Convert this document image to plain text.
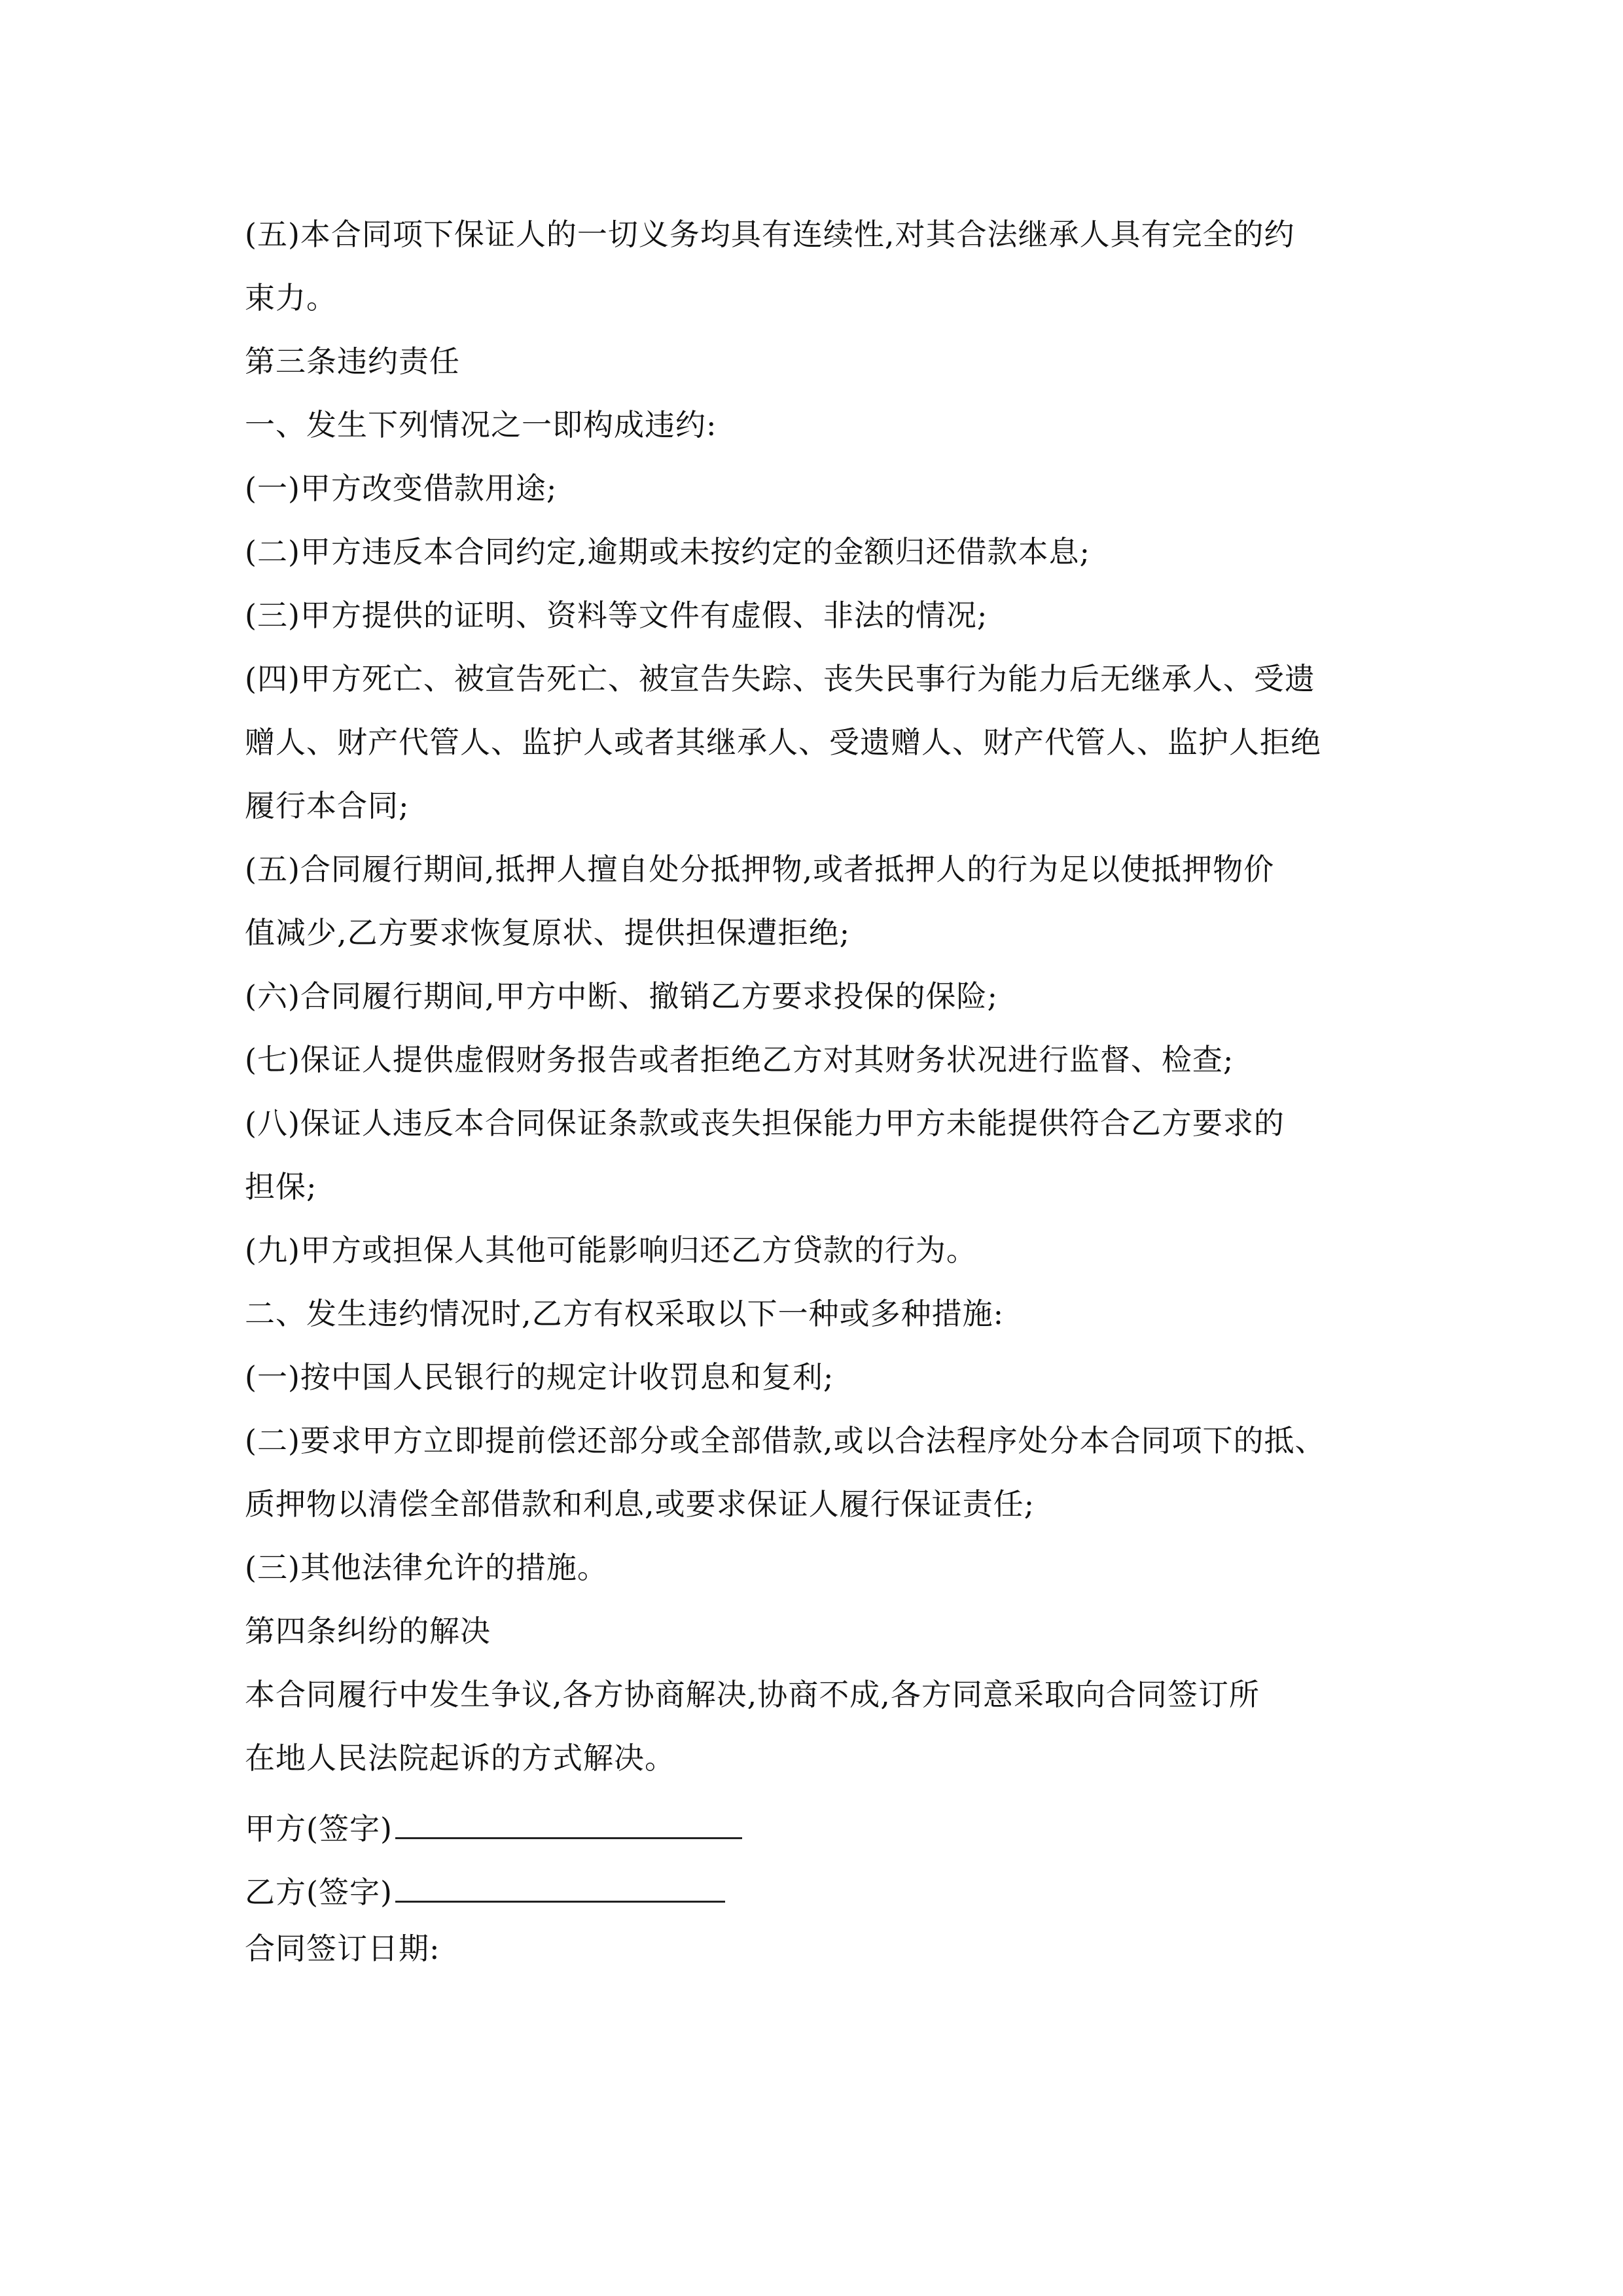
(五)本合同项下保证人的一切义务均具有连续性,对其合法继承人具有完全的约
束力。
第三条违约责任
一、发生下列情况之一即构成违约:
(一)甲方改变借款用途;
(二)甲方违反本合同约定,逾期或未按约定的金额归还借款本息;
(三)甲方提供的证明、资料等文件有虚假、非法的情况;
(四)甲方死亡、被宣告死亡、被宣告失踪、丧失民事行为能力后无继承人、受遗
赠人、财产代管人、监护人或者其继承人、受遗赠人、财产代管人、监护人拒绝
履行本合同;
(五)合同履行期间,抵押人擅自处分抵押物,或者抵押人的行为足以使抵押物价
值减少,乙方要求恢复原状、提供担保遭拒绝;
(六)合同履行期间,甲方中断、撤销乙方要求投保的保险;
(七)保证人提供虚假财务报告或者拒绝乙方对其财务状况进行监督、检查;
(八)保证人违反本合同保证条款或丧失担保能力甲方未能提供符合乙方要求的
担保;
(九)甲方或担保人其他可能影响归还乙方贷款的行为。
二、发生违约情况时,乙方有权采取以下一种或多种措施:
(一)按中国人民银行的规定计收罚息和复利;
(二)要求甲方立即提前偿还部分或全部借款,或以合法程序处分本合同项下的抵、
质押物以清偿全部借款和利息,或要求保证人履行保证责任;
(三)其他法律允许的措施。
第四条纠纷的解决
本合同履行中发生争议,各方协商解决,协商不成,各方同意采取向合同签订所
在地人民法院起诉的方式解决。
甲方(签字)
乙方(签字)
合同签订日期:
